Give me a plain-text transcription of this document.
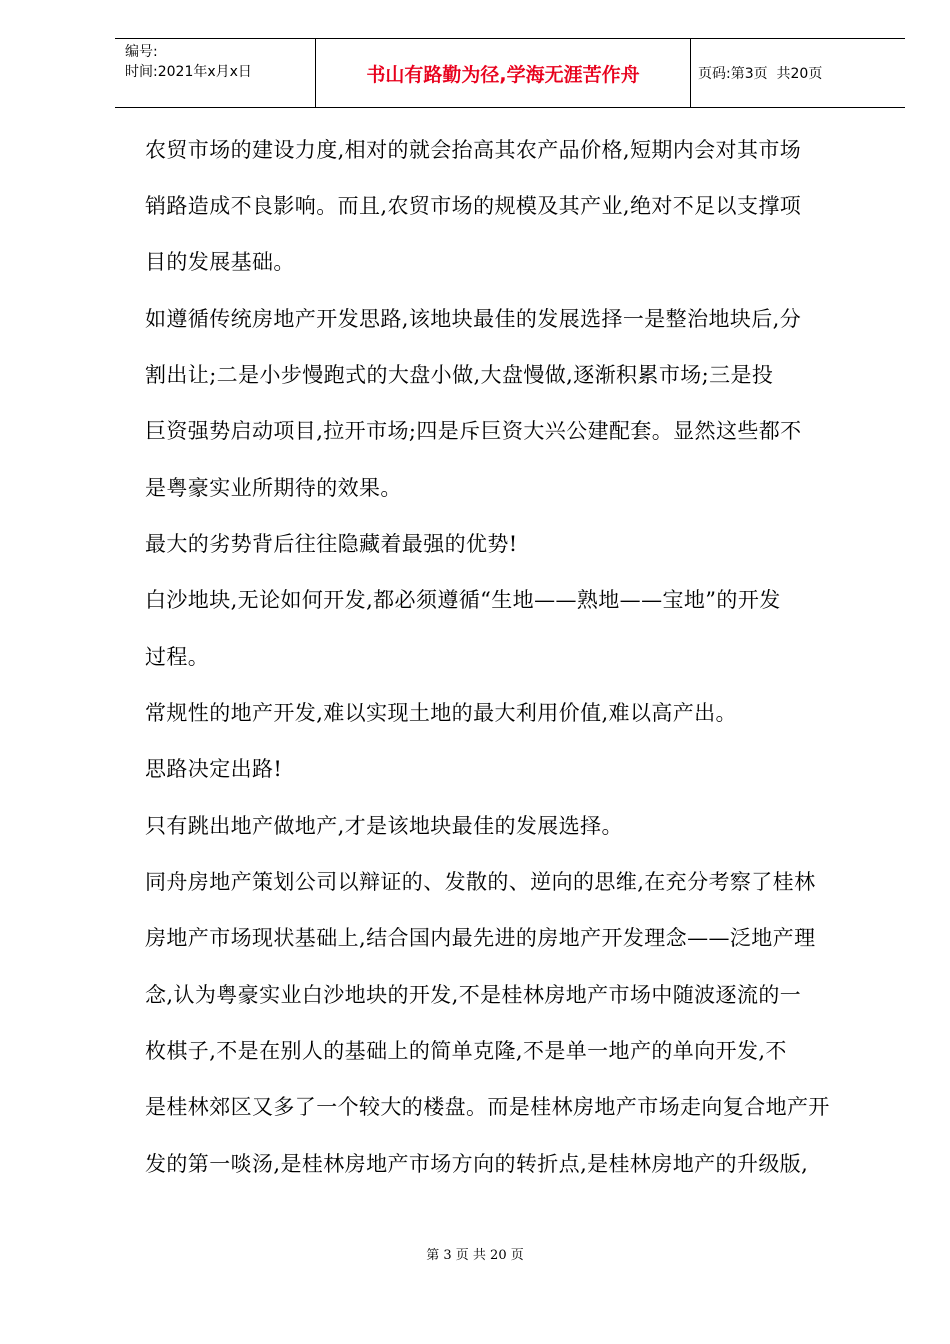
编号:
时间:2021年x月x日	书山有路勤为径,学海无涯苦作舟	页码:第3页  共20页
农贸市场的建设力度,相对的就会抬高其农产品价格,短期内会对其市场
销路造成不良影响。而且,农贸市场的规模及其产业,绝对不足以支撑项
目的发展基础。
如遵循传统房地产开发思路,该地块最佳的发展选择一是整治地块后,分
割出让;二是小步慢跑式的大盘小做,大盘慢做,逐渐积累市场;三是投
巨资强势启动项目,拉开市场;四是斥巨资大兴公建配套。显然这些都不
是粤豪实业所期待的效果。
最大的劣势背后往往隐藏着最强的优势!
白沙地块,无论如何开发,都必须遵循“生地——熟地——宝地”的开发
过程。
常规性的地产开发,难以实现土地的最大利用价值,难以高产出。
思路决定出路!
只有跳出地产做地产,才是该地块最佳的发展选择。
同舟房地产策划公司以辩证的、发散的、逆向的思维,在充分考察了桂林
房地产市场现状基础上,结合国内最先进的房地产开发理念——泛地产理
念,认为粤豪实业白沙地块的开发,不是桂林房地产市场中随波逐流的一
枚棋子,不是在别人的基础上的简单克隆,不是单一地产的单向开发,不
是桂林郊区又多了一个较大的楼盘。而是桂林房地产市场走向复合地产开
发的第一啖汤,是桂林房地产市场方向的转折点,是桂林房地产的升级版,
第 3 页 共 20 页
